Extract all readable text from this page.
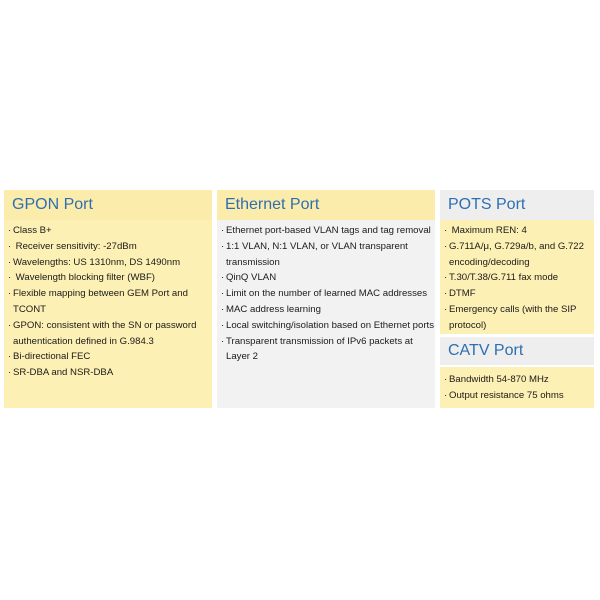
GPON Port
· Class B+
· Receiver sensitivity: -27dBm
· Wavelengths: US 1310nm, DS 1490nm
· Wavelength blocking filter (WBF)
· Flexible mapping between GEM Port and TCONT
· GPON: consistent with the SN or password authentication defined in G.984.3
· Bi-directional FEC
· SR-DBA and NSR-DBA
Ethernet Port
· Ethernet port-based VLAN tags and tag removal
· 1:1 VLAN, N:1 VLAN, or VLAN transparent transmission
· QinQ VLAN
· Limit on the number of learned MAC addresses
· MAC address learning
· Local switching/isolation based on Ethernet ports
· Transparent transmission of IPv6 packets at Layer 2
POTS Port
· Maximum REN: 4
· G.711A/μ, G.729a/b, and G.722 encoding/decoding
· T.30/T.38/G.711 fax mode
· DTMF
· Emergency calls (with the SIP protocol)
CATV Port
· Bandwidth 54-870 MHz
· Output resistance 75 ohms
